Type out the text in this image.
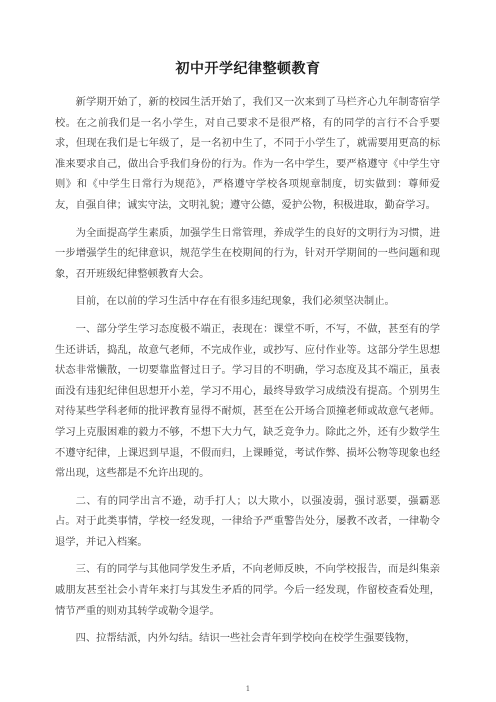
初中开学纪律整顿教育

新学期开始了，新的校园生活开始了，我们又一次来到了马栏齐心九年制寄宿学校。在之前我们是一名小学生，对自己要求不是很严格，有的同学的言行不合乎要求，但现在我们是七年级了，是一名初中生了，不同于小学生了，就需要用更高的标准来要求自己，做出合乎我们身份的行为。作为一名中学生，要严格遵守《中学生守则》和《中学生日常行为规范》，严格遵守学校各项规章制度，切实做到：尊师爱友，自强自律；诚实守法，文明礼貌；遵守公德，爱护公物，积极进取，勤奋学习。

为全面提高学生素质，加强学生日常管理，养成学生的良好的文明行为习惯，进一步增强学生的纪律意识，规范学生在校期间的行为，针对开学期间的一些问题和现象，召开班级纪律整顿教育大会。

目前，在以前的学习生活中存在有很多违纪现象，我们必须坚决制止。

一、部分学生学习态度极不端正，表现在：课堂不听，不写，不做，甚至有的学生还讲话，捣乱，故意气老师，不完成作业，或抄写、应付作业等。这部分学生思想状态非常懒散，一切要靠监督过日子。学习目的不明确，学习态度及其不端正，虽表面没有违犯纪律但思想开小差，学习不用心，最终导致学习成绩没有提高。个别男生对待某些学科老师的批评教育显得不耐烦，甚至在公开场合顶撞老师或故意气老师。学习上克服困难的毅力不够，不想下大力气，缺乏竞争力。除此之外，还有少数学生不遵守纪律，上课迟到早退，不假而归，上课睡觉，考试作弊、损坏公物等现象也经常出现，这些都是不允许出现的。

二、有的同学出言不逊，动手打人；以大欺小，以强凌弱，强讨恶要，强霸恶占。对于此类事情，学校一经发现，一律给予严重警告处分，屡教不改者，一律勒令退学，并记入档案。

三、有的同学与其他同学发生矛盾，不向老师反映，不向学校报告，而是纠集亲戚朋友甚至社会小青年来打与其发生矛盾的同学。今后一经发现，作留校查看处理，情节严重的则劝其转学或勒令退学。

四、拉帮结派，内外勾结。结识一些社会青年到学校向在校学生强要钱物，

1
